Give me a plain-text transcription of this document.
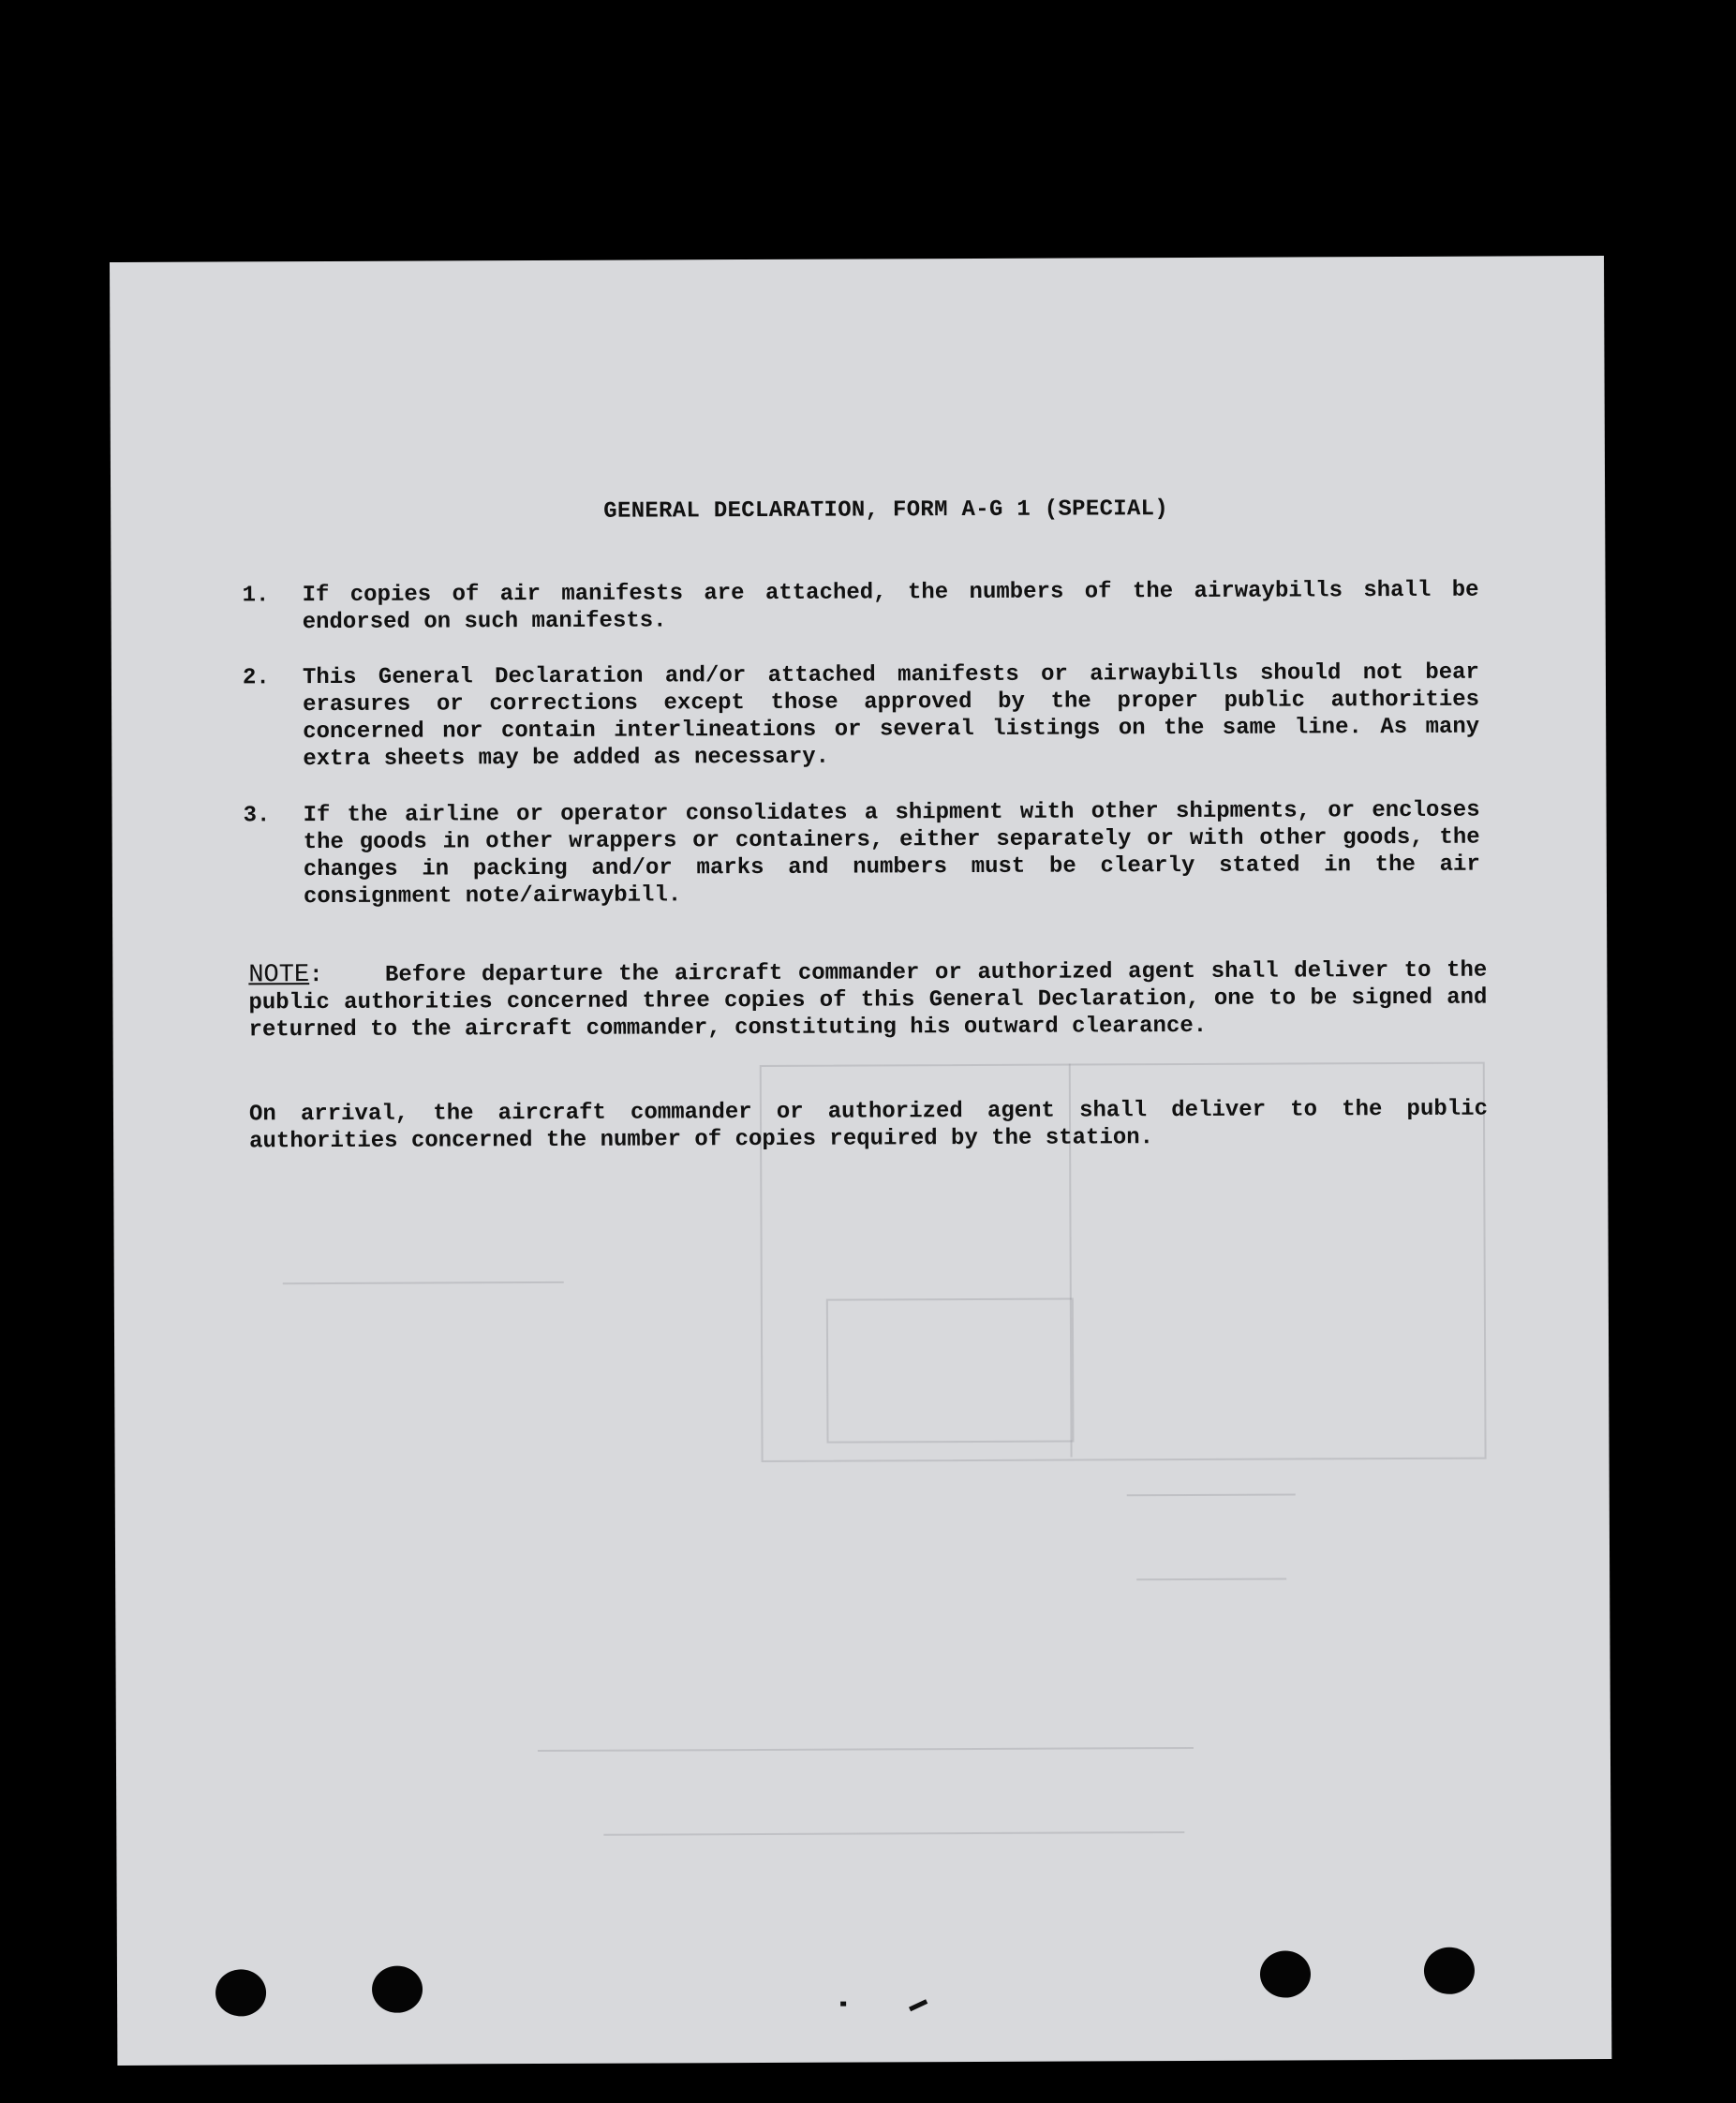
GENERAL DECLARATION, FORM A-G 1 (SPECIAL)
1.	If copies of air manifests are attached, the numbers of the airwaybills shall be endorsed on such manifests.
2.	This General Declaration and/or attached manifests or airwaybills should not bear erasures or corrections except those approved by the proper public authorities concerned nor contain interlineations or several listings on the same line. As many extra sheets may be added as necessary.
3.	If the airline or operator consolidates a shipment with other shipments, or encloses the goods in other wrappers or containers, either separately or with other goods, the changes in packing and/or marks and numbers must be clearly stated in the air consignment note/airwaybill.
NOTE:    Before departure the aircraft commander or authorized agent shall deliver to the public authorities concerned three copies of this General Declaration, one to be signed and returned to the aircraft commander, constituting his outward clearance.
On arrival, the aircraft commander or authorized agent shall deliver to the public authorities concerned the number of copies required by the station.
